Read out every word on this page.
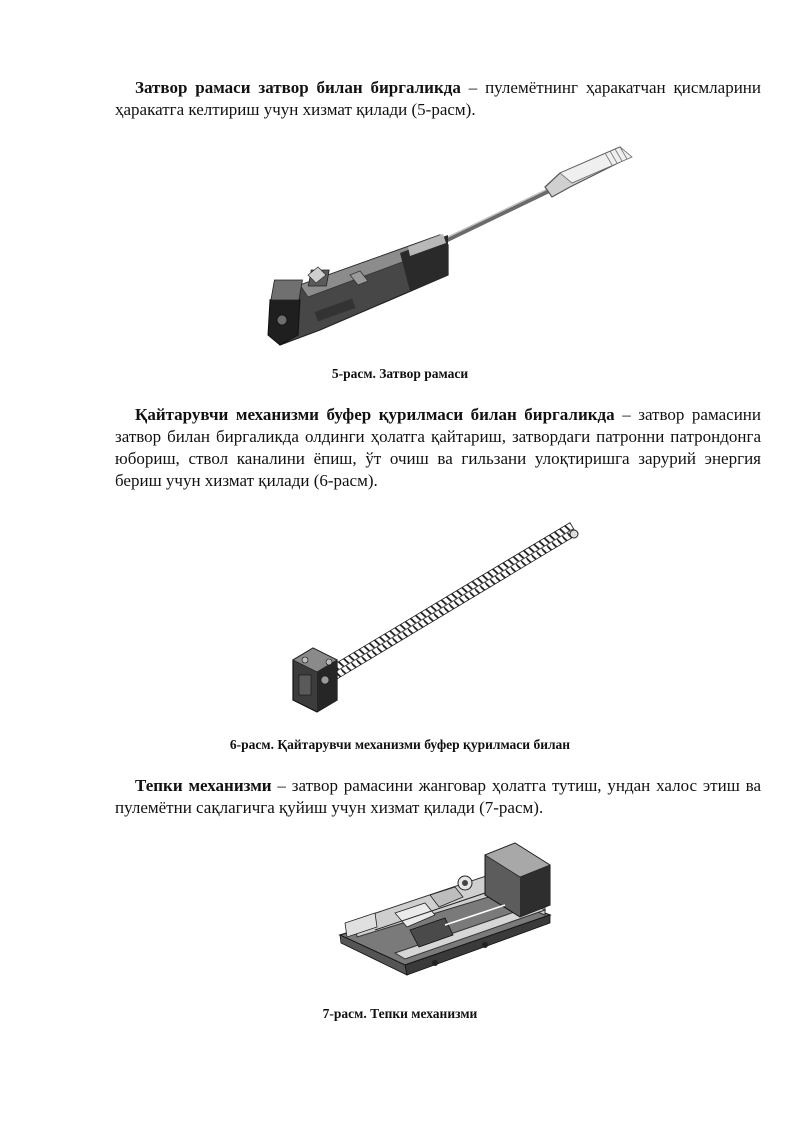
Затвор рамаси затвор билан биргаликда – пулемётнинг ҳаракатчан қисмларини ҳаракатга келтириш учун хизмат қилади (5-расм).

5-расм. Затвор рамаси

Қайтарувчи механизми буфер қурилмаси билан биргаликда – затвор рамасини затвор билан биргаликда олдинги ҳолатга қайтариш, затвордаги патронни патрондонга юбориш, ствол каналини ёпиш, ўт очиш ва гильзани улоқтиришга зарурий энергия бериш учун хизмат қилади (6-расм).

6-расм. Қайтарувчи механизми буфер қурилмаси билан

Тепки механизми – затвор рамасини жанговар ҳолатга тутиш, ундан халос этиш ва пулемётни сақлагичга қуйиш учун хизмат қилади (7-расм).

7-расм. Тепки механизми
